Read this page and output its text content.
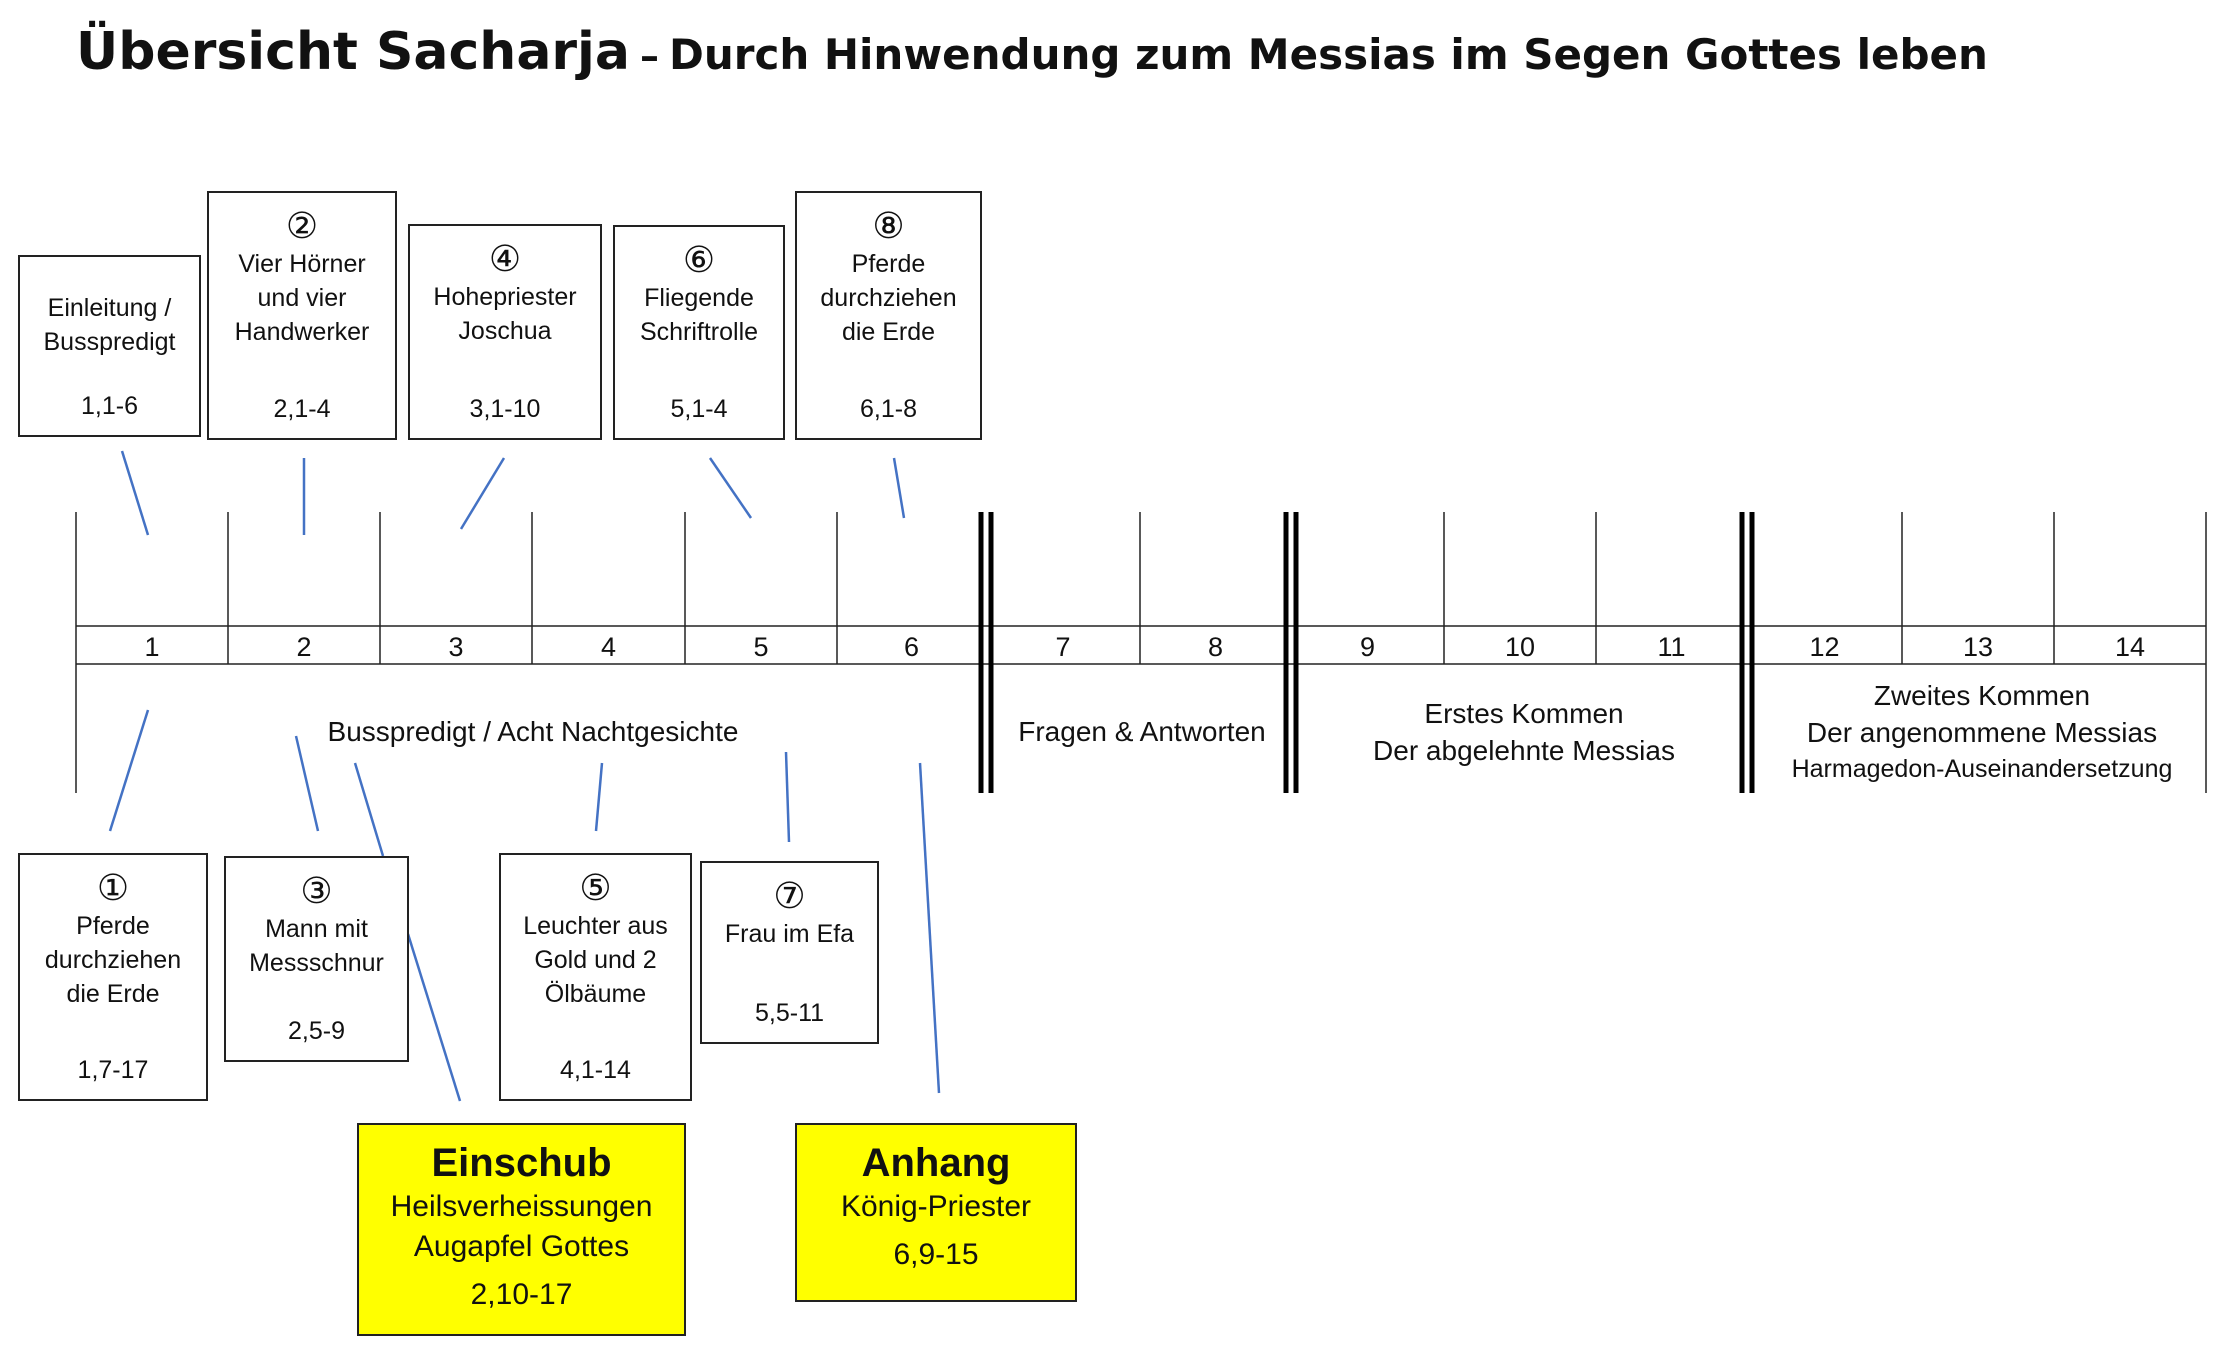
Übersicht Sacharja – Durch Hinwendung zum Messias im Segen Gottes leben
1	2	3	4	5	6	7	8	9	10	11	12	13	14
Busspredigt / Acht Nachtgesichte	Fragen & Antworten
Erstes Kommen
Der abgelehnte Messias
Zweites Kommen
Der angenommene Messias
Harmagedon-Auseinandersetzung
Einleitung /
Busspredigt
1,1-6
②
Vier Hörner
und vier
Handwerker
2,1-4
④
Hohepriester
Joschua
3,1-10
⑥
Fliegende
Schriftrolle
5,1-4
⑧
Pferde
durchziehen
die Erde
6,1-8
①
Pferde
durchziehen
die Erde
1,7-17
③
Mann mit
Messschnur
2,5-9
⑤
Leuchter aus
Gold und 2
Ölbäume
4,1-14
⑦
Frau im Efa
5,5-11
Einschub
Heilsverheissungen
Augapfel Gottes
2,10-17
Anhang
König-Priester
6,9-15
